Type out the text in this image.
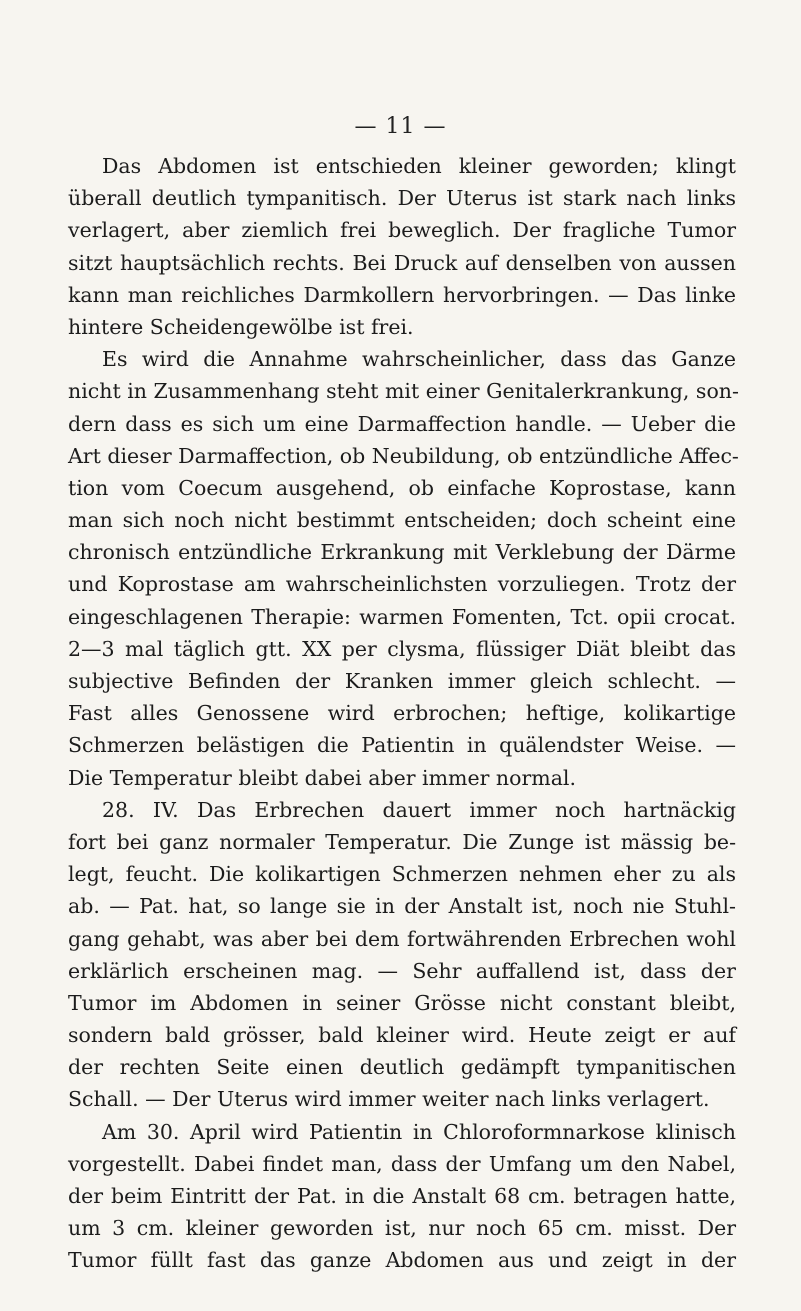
— 11 —
Das Abdomen ist entschieden kleiner geworden; klingt
überall deutlich tympanitisch. Der Uterus ist stark nach links
verlagert, aber ziemlich frei beweglich. Der fragliche Tumor
sitzt hauptsächlich rechts. Bei Druck auf denselben von aussen
kann man reichliches Darmkollern hervorbringen. — Das linke
hintere Scheidengewölbe ist frei.
Es wird die Annahme wahrscheinlicher, dass das Ganze
nicht in Zusammenhang steht mit einer Genitalerkrankung, son-
dern dass es sich um eine Darmaffection handle. — Ueber die
Art dieser Darmaffection, ob Neubildung, ob entzündliche Affec-
tion vom Coecum ausgehend, ob einfache Koprostase, kann
man sich noch nicht bestimmt entscheiden; doch scheint eine
chronisch entzündliche Erkrankung mit Verklebung der Därme
und Koprostase am wahrscheinlichsten vorzuliegen. Trotz der
eingeschlagenen Therapie: warmen Fomenten, Tct. opii crocat.
2—3 mal täglich gtt. XX per clysma, flüssiger Diät bleibt das
subjective Befinden der Kranken immer gleich schlecht. —
Fast alles Genossene wird erbrochen; heftige, kolikartige
Schmerzen belästigen die Patientin in quälendster Weise. —
Die Temperatur bleibt dabei aber immer normal.
28. IV. Das Erbrechen dauert immer noch hartnäckig
fort bei ganz normaler Temperatur. Die Zunge ist mässig be-
legt, feucht. Die kolikartigen Schmerzen nehmen eher zu als
ab. — Pat. hat, so lange sie in der Anstalt ist, noch nie Stuhl-
gang gehabt, was aber bei dem fortwährenden Erbrechen wohl
erklärlich erscheinen mag. — Sehr auffallend ist, dass der
Tumor im Abdomen in seiner Grösse nicht constant bleibt,
sondern bald grösser, bald kleiner wird. Heute zeigt er auf
der rechten Seite einen deutlich gedämpft tympanitischen
Schall. — Der Uterus wird immer weiter nach links verlagert.
Am 30. April wird Patientin in Chloroformnarkose klinisch
vorgestellt. Dabei findet man, dass der Umfang um den Nabel,
der beim Eintritt der Pat. in die Anstalt 68 cm. betragen hatte,
um 3 cm. kleiner geworden ist, nur noch 65 cm. misst. Der
Tumor füllt fast das ganze Abdomen aus und zeigt in der
